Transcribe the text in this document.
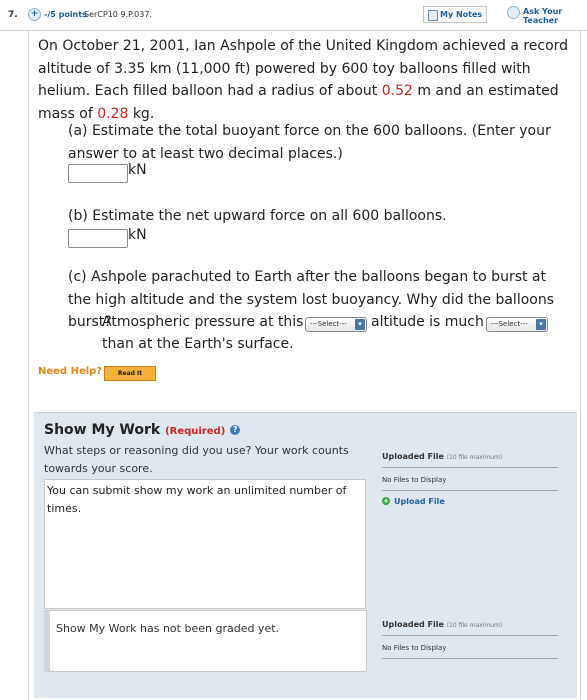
7.	+ -/5 points
SerCP10 9.P.037.	My Notes	Ask Your Teacher
On October 21, 2001, Ian Ashpole of the United Kingdom achieved a record altitude of 3.35 km (11,000 ft) powered by 600 toy balloons filled with helium. Each filled balloon had a radius of about 0.52 m and an estimated mass of 0.28 kg.
(a) Estimate the total buoyant force on the 600 balloons. (Enter your answer to at least two decimal places.)
kN
(b) Estimate the net upward force on all 600 balloons.
kN
(c) Ashpole parachuted to Earth after the balloons began to burst at the high altitude and the system lost buoyancy. Why did the balloons burst?
Atmospheric pressure at this ---Select---	▾ altitude is much	---Select---	▾
than at the Earth's surface.
Need Help?	Read It
Show My Work (Required) ?
What steps or reasoning did you use? Your work counts towards your score.
You can submit show my work an unlimited number of times.
Uploaded File (10 file maximum)
No Files to Display
+ Upload File
Show My Work has not been graded yet.	Uploaded File (10 file maximum)
No Files to Display
